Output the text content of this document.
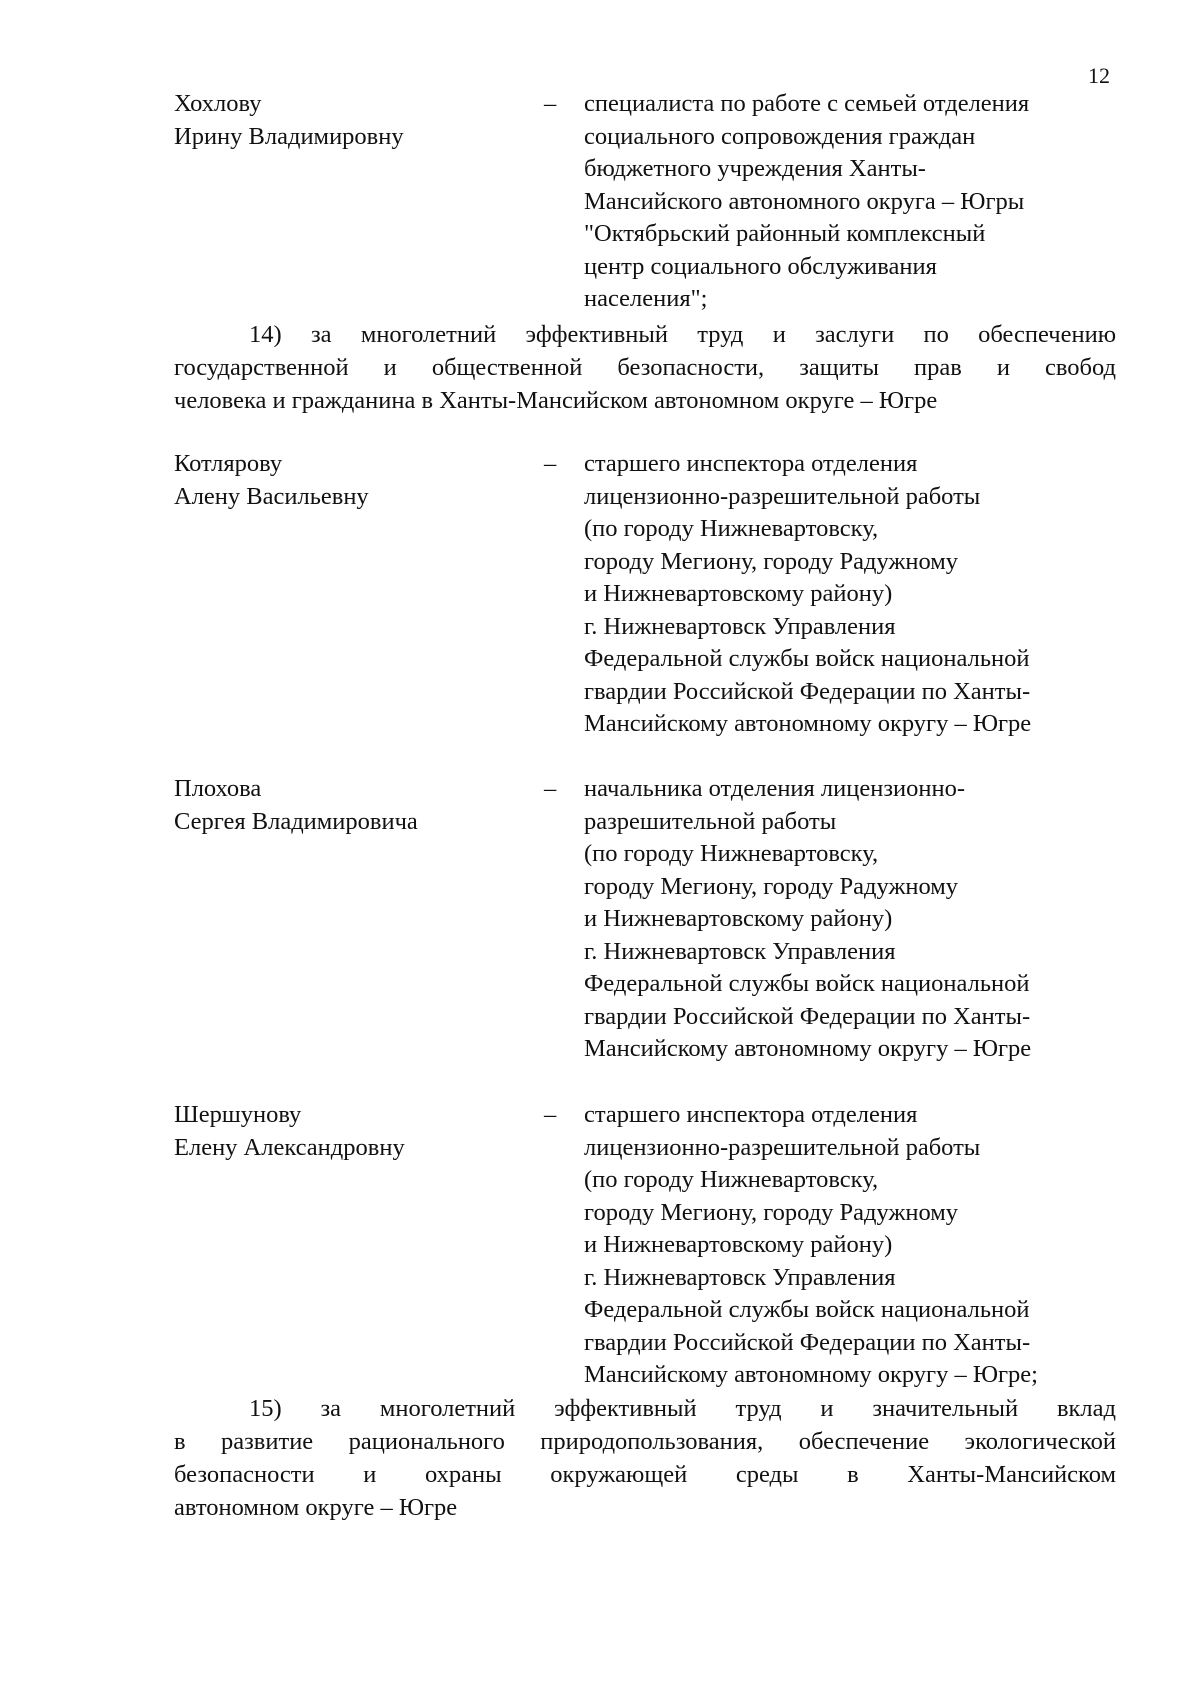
12
Хохлову
Ирину Владимировну
– специалиста по работе с семьей отделения
социального сопровождения граждан
бюджетного учреждения Ханты-
Мансийского автономного округа – Югры
"Октябрьский районный комплексный
центр социального обслуживания
населения";
14) за многолетний эффективный труд и заслуги по обеспечению
государственной и общественной безопасности, защиты прав и свобод
человека и гражданина в Ханты-Мансийском автономном округе – Югре
Котлярову
Алену Васильевну
– старшего инспектора отделения
лицензионно-разрешительной работы
(по городу Нижневартовску,
городу Мегиону, городу Радужному
и Нижневартовскому району)
г. Нижневартовск Управления
Федеральной службы войск национальной
гвардии Российской Федерации по Ханты-
Мансийскому автономному округу – Югре
Плохова
Сергея Владимировича
– начальника отделения лицензионно-
разрешительной работы
(по городу Нижневартовску,
городу Мегиону, городу Радужному
и Нижневартовскому району)
г. Нижневартовск Управления
Федеральной службы войск национальной
гвардии Российской Федерации по Ханты-
Мансийскому автономному округу – Югре
Шершунову
Елену Александровну
– старшего инспектора отделения
лицензионно-разрешительной работы
(по городу Нижневартовску,
городу Мегиону, городу Радужному
и Нижневартовскому району)
г. Нижневартовск Управления
Федеральной службы войск национальной
гвардии Российской Федерации по Ханты-
Мансийскому автономному округу – Югре;
15) за многолетний эффективный труд и значительный вклад
в развитие рационального природопользования, обеспечение экологической
безопасности и охраны окружающей среды в Ханты-Мансийском
автономном округе – Югре
